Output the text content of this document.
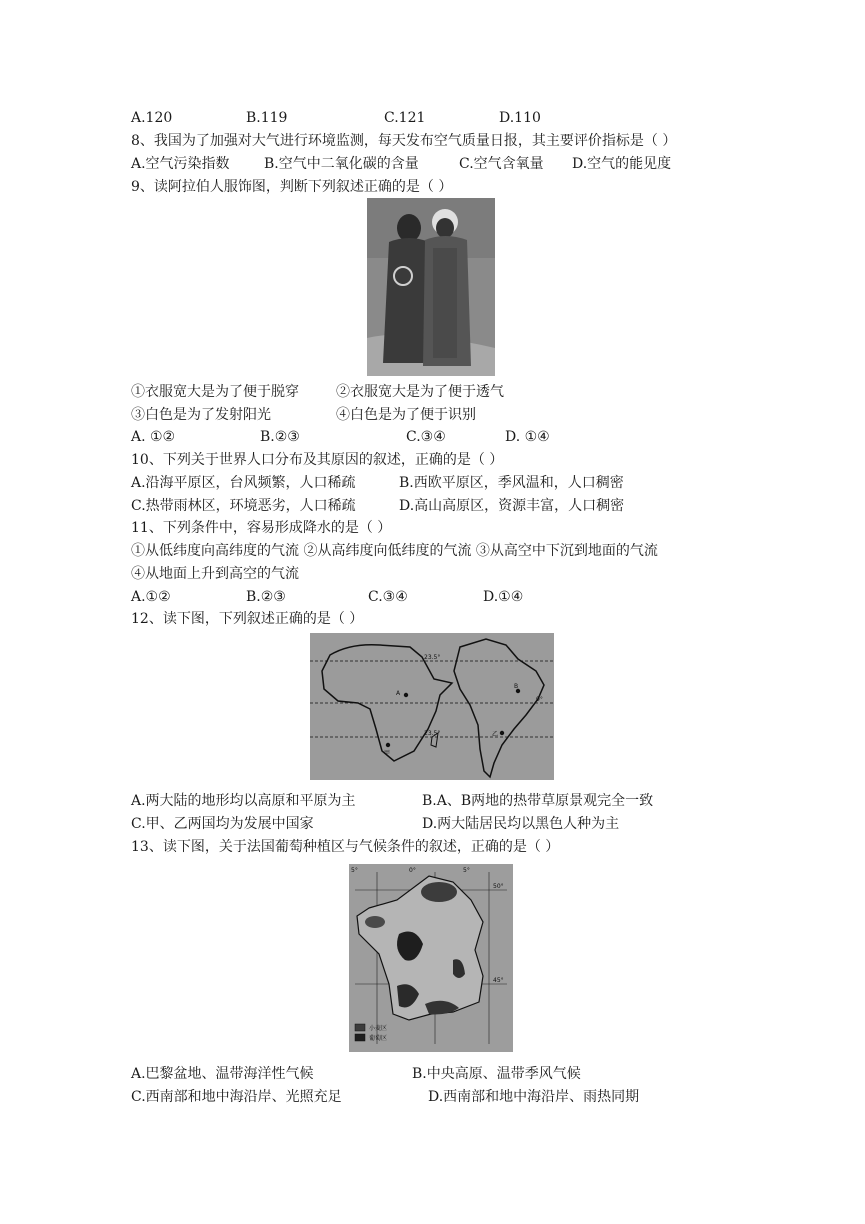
A.120	B.119	C.121	D.110
8、我国为了加强对大气进行环境监测，每天发布空气质量日报，其主要评价指标是（ ）
A.空气污染指数 B.空气中二氧化碳的含量	C.空气含氧量 D.空气的能见度
9、读阿拉伯人服饰图，判断下列叙述正确的是（ ）
①衣服宽大是为了便于脱穿	②衣服宽大是为了便于透气
③白色是为了发射阳光	④白色是为了便于识别
A. ①②	B.②③	C.③④	D. ①④
10、下列关于世界人口分布及其原因的叙述，正确的是（ ）
A.沿海平原区，台风频繁，人口稀疏	B.西欧平原区，季风温和，人口稠密
C.热带雨林区，环境恶劣，人口稀疏	D.高山高原区，资源丰富，人口稠密
11、下列条件中，容易形成降水的是（ ）
①从低纬度向高纬度的气流 ②从高纬度向低纬度的气流 ③从高空中下沉到地面的气流
④从地面上升到高空的气流
A.①②	B.②③	C.③④	D.①④
12、读下图，下列叙述正确的是（ ）
A
B
甲
乙
23.5°
0°
23.5°
A.两大陆的地形均以高原和平原为主	B.A、B两地的热带草原景观完全一致
C.甲、乙两国均为发展中国家	D.两大陆居民均以黑色人种为主
13、读下图，关于法国葡萄种植区与气候条件的叙述，正确的是（ ）
5°	0°	5°
50°
45°
小麦区
葡萄区
A.巴黎盆地、温带海洋性气候	B.中央高原、温带季风气候
C.西南部和地中海沿岸、光照充足	D.西南部和地中海沿岸、雨热同期
